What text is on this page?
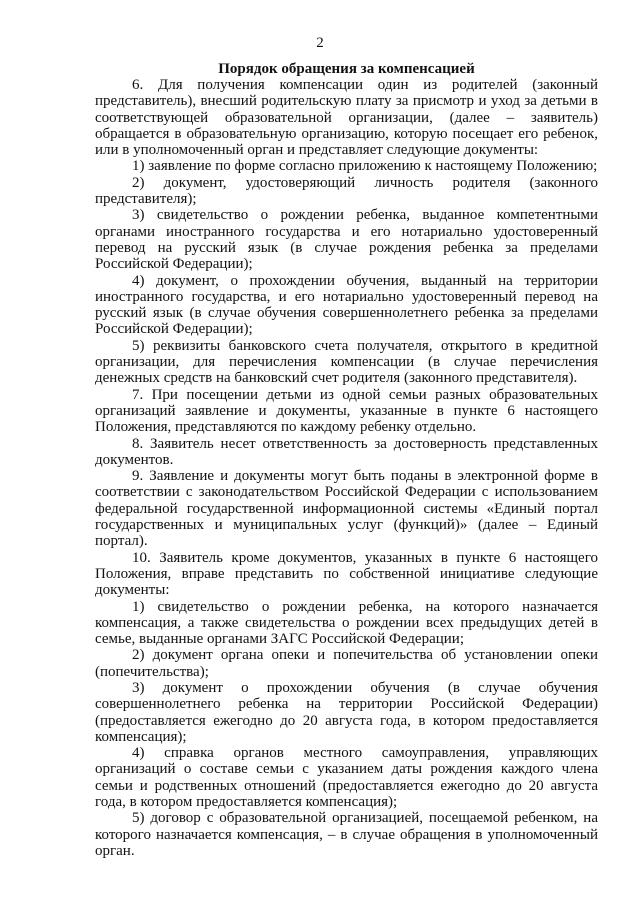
2
Порядок обращения за компенсацией

6. Для получения компенсации один из родителей (законный представитель), внесший родительскую плату за присмотр и уход за детьми в соответствующей образовательной организации, (далее – заявитель) обращается в образовательную организацию, которую посещает его ребенок, или в уполномоченный орган и представляет следующие документы:

1) заявление по форме согласно приложению к настоящему Положению;

2) документ, удостоверяющий личность родителя (законного представителя);

3) свидетельство о рождении ребенка, выданное компетентными органами иностранного государства и его нотариально удостоверенный перевод на русский язык (в случае рождения ребенка за пределами Российской Федерации);

4) документ, о прохождении обучения, выданный на территории иностранного государства, и его нотариально удостоверенный перевод на русский язык (в случае обучения совершеннолетнего ребенка за пределами Российской Федерации);

5) реквизиты банковского счета получателя, открытого в кредитной организации, для перечисления компенсации (в случае перечисления денежных средств на банковский счет родителя (законного представителя).

7. При посещении детьми из одной семьи разных образовательных организаций заявление и документы, указанные в пункте 6 настоящего Положения, представляются по каждому ребенку отдельно.

8. Заявитель несет ответственность за достоверность представленных документов.

9. Заявление и документы могут быть поданы в электронной форме в соответствии с законодательством Российской Федерации с использованием федеральной государственной информационной системы «Единый портал государственных и муниципальных услуг (функций)» (далее – Единый портал).

10. Заявитель кроме документов, указанных в пункте 6 настоящего Положения, вправе представить по собственной инициативе следующие документы:

1) свидетельство о рождении ребенка, на которого назначается компенсация, а также свидетельства о рождении всех предыдущих детей в семье, выданные органами ЗАГС Российской Федерации;

2) документ органа опеки и попечительства об установлении опеки (попечительства);

3) документ о прохождении обучения (в случае обучения совершеннолетнего ребенка на территории Российской Федерации) (предоставляется ежегодно до 20 августа года, в котором предоставляется компенсация);

4) справка органов местного самоуправления, управляющих организаций о составе семьи с указанием даты рождения каждого члена семьи и родственных отношений (предоставляется ежегодно до 20 августа года, в котором предоставляется компенсация);

5) договор с образовательной организацией, посещаемой ребенком, на которого назначается компенсация, – в случае обращения в уполномоченный орган.
